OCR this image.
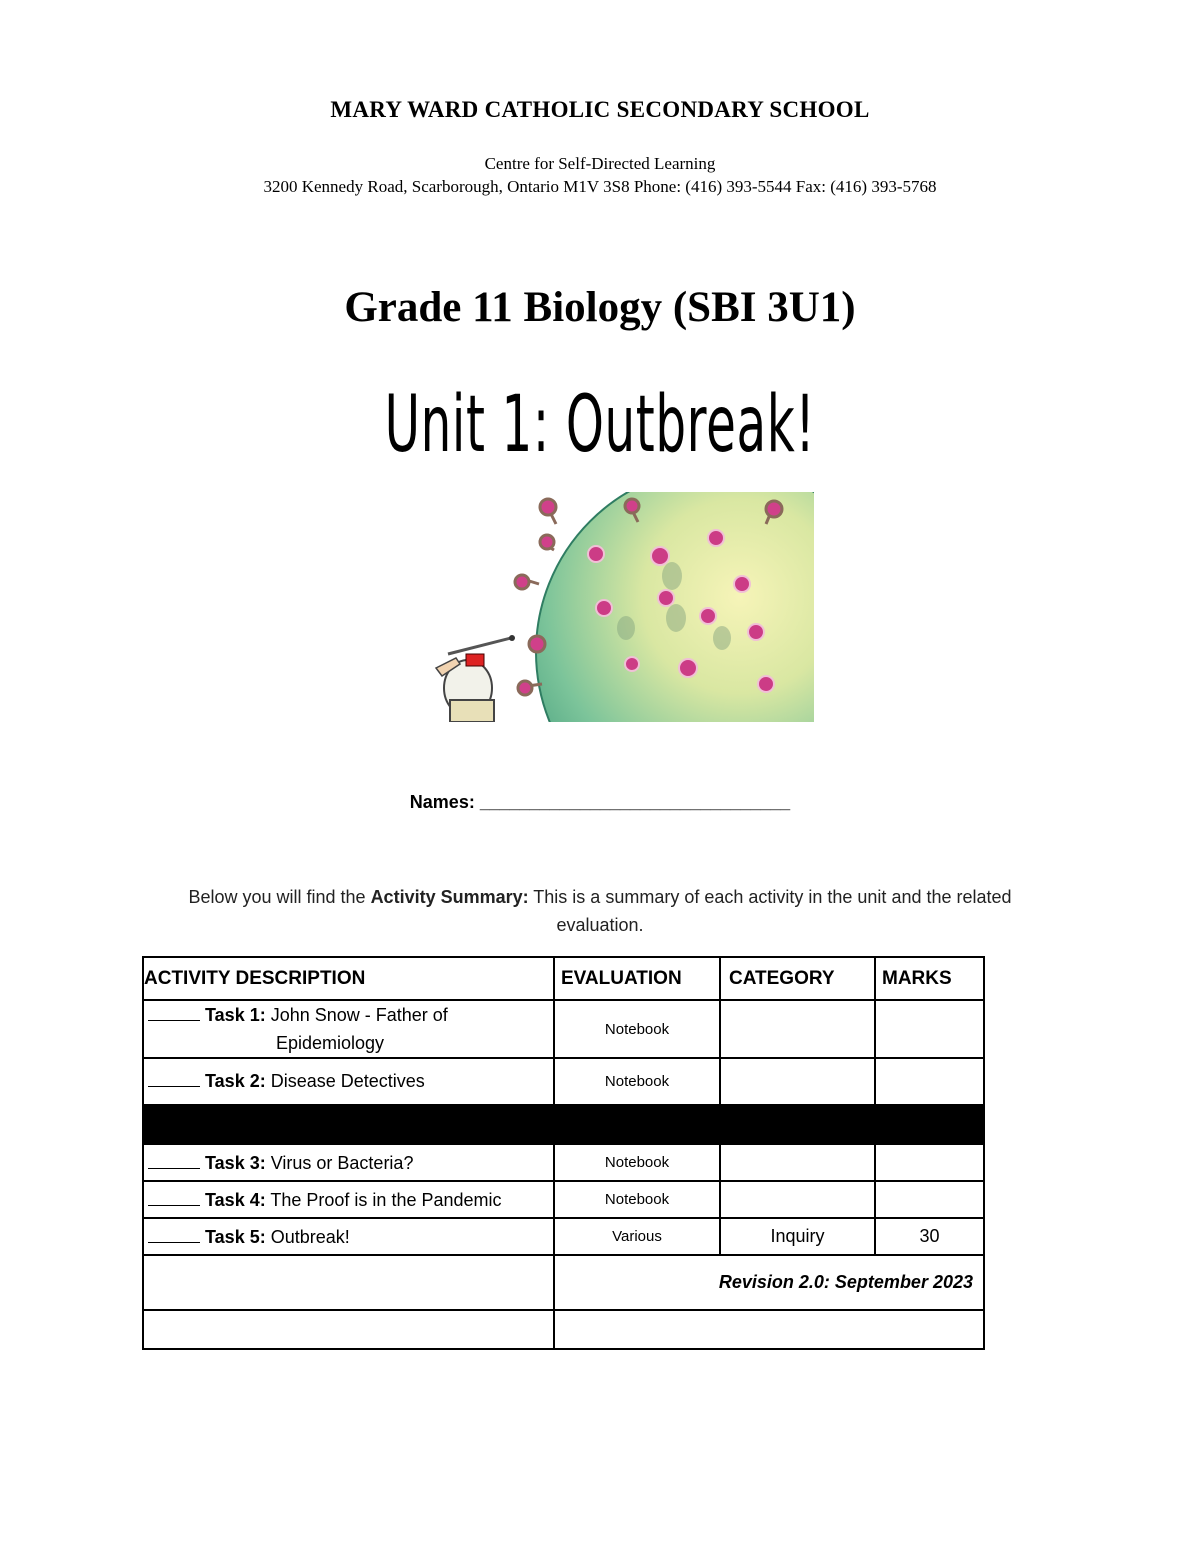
MARY WARD CATHOLIC SECONDARY SCHOOL
Centre for Self-Directed Learning
3200 Kennedy Road, Scarborough, Ontario M1V 3S8 Phone: (416) 393-5544 Fax: (416) 393-5768
Grade 11 Biology (SBI 3U1)
Unit 1: Outbreak!
Names: _______________________________
Below you will find the Activity Summary: This is a summary of each activity in the unit and the related evaluation.
ACTIVITY DESCRIPTION	EVALUATION	CATEGORY	MARKS
Task 1: John Snow - Father of
Epidemiology	Notebook		
Task 2: Disease Detectives	Notebook		

Task 3: Virus or Bacteria?	Notebook		
Task 4: The Proof is in the Pandemic	Notebook		
Task 5: Outbreak!	Various	Inquiry	30
	Revision 2.0: September 2023		
